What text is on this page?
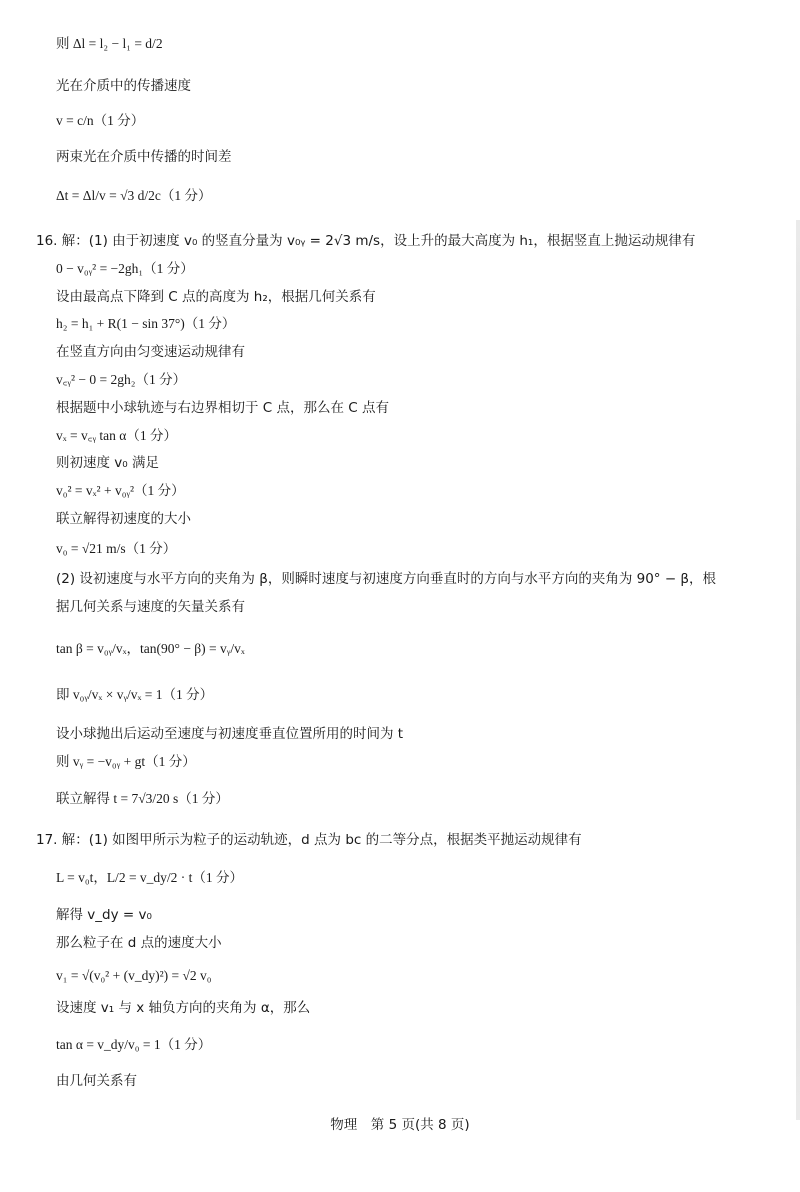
则 Δl = l₂ − l₁ = d/2
光在介质中的传播速度
v = c/n（1 分）
两束光在介质中传播的时间差
Δt = Δl/v = √3 d/2c（1 分）
16. 解：(1) 由于初速度 v₀ 的竖直分量为 v₀ᵧ = 2√3 m/s，设上升的最大高度为 h₁，根据竖直上抛运动规律有
0 − v₀ᵧ² = −2gh₁（1 分）
设由最高点下降到 C 点的高度为 h₂，根据几何关系有
h₂ = h₁ + R(1 − sin 37°)（1 分）
在竖直方向由匀变速运动规律有
v꜀ᵧ² − 0 = 2gh₂（1 分）
根据题中小球轨迹与右边界相切于 C 点，那么在 C 点有
vₓ = v꜀ᵧ tan α（1 分）
则初速度 v₀ 满足
v₀² = vₓ² + v₀ᵧ²（1 分）
联立解得初速度的大小
v₀ = √21 m/s（1 分）
(2) 设初速度与水平方向的夹角为 β，则瞬时速度与初速度方向垂直时的方向与水平方向的夹角为 90° − β，根
据几何关系与速度的矢量关系有
tan β = v₀ᵧ/vₓ，tan(90° − β) = vᵧ/vₓ
即 v₀ᵧ/vₓ × vᵧ/vₓ = 1（1 分）
设小球抛出后运动至速度与初速度垂直位置所用的时间为 t
则 vᵧ = −v₀ᵧ + gt（1 分）
联立解得 t = 7√3/20 s（1 分）
17. 解：(1) 如图甲所示为粒子的运动轨迹，d 点为 bc 的二等分点，根据类平抛运动规律有
L = v₀t，L/2 = v_dy/2 · t（1 分）
解得 v_dy = v₀
那么粒子在 d 点的速度大小
v₁ = √(v₀² + (v_dy)²) = √2 v₀
设速度 v₁ 与 x 轴负方向的夹角为 α，那么
tan α = v_dy/v₀ = 1（1 分）
由几何关系有
物理　第 5 页(共 8 页)
